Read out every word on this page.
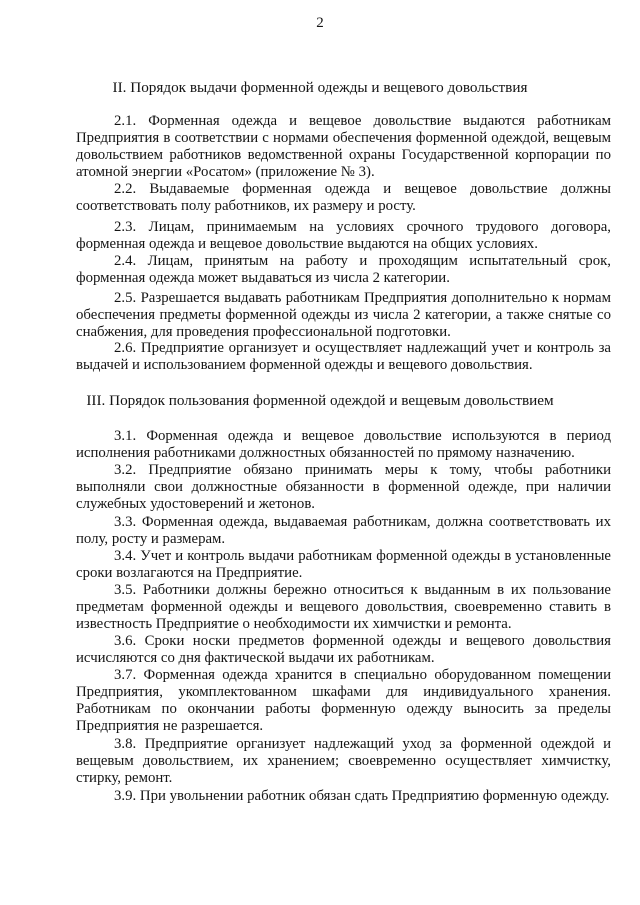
2
II. Порядок выдачи форменной одежды и вещевого довольствия
2.1. Форменная одежда и вещевое довольствие выдаются работникам Предприятия в соответствии с нормами обеспечения форменной одеждой, вещевым довольствием работников ведомственной охраны Государственной корпорации по атомной энергии «Росатом» (приложение № 3).
2.2. Выдаваемые форменная одежда и вещевое довольствие должны соответствовать полу работников, их размеру и росту.
2.3. Лицам, принимаемым на условиях срочного трудового договора, форменная одежда и вещевое довольствие выдаются на общих условиях.
2.4. Лицам, принятым на работу и проходящим испытательный срок, форменная одежда может выдаваться из числа 2 категории.
2.5. Разрешается выдавать работникам Предприятия дополнительно к нормам обеспечения предметы форменной одежды из числа 2 категории, а также снятые со снабжения, для проведения профессиональной подготовки.
2.6. Предприятие организует и осуществляет надлежащий учет и контроль за выдачей и использованием форменной одежды и вещевого довольствия.
III. Порядок пользования форменной одеждой и вещевым довольствием
3.1. Форменная одежда и вещевое довольствие используются в период исполнения работниками должностных обязанностей по прямому назначению.
3.2. Предприятие обязано принимать меры к тому, чтобы работники выполняли свои должностные обязанности в форменной одежде, при наличии служебных удостоверений и жетонов.
3.3. Форменная одежда, выдаваемая работникам, должна соответствовать их полу, росту и размерам.
3.4. Учет и контроль выдачи работникам форменной одежды в установленные сроки возлагаются на Предприятие.
3.5. Работники должны бережно относиться к выданным в их пользование предметам форменной одежды и вещевого довольствия, своевременно ставить в известность Предприятие о необходимости их химчистки и ремонта.
3.6. Сроки носки предметов форменной одежды и вещевого довольствия исчисляются со дня фактической выдачи их работникам.
3.7. Форменная одежда хранится в специально оборудованном помещении Предприятия, укомплектованном шкафами для индивидуального хранения. Работникам по окончании работы форменную одежду выносить за пределы Предприятия не разрешается.
3.8. Предприятие организует надлежащий уход за форменной одеждой и вещевым довольствием, их хранением; своевременно осуществляет химчистку, стирку, ремонт.
3.9. При увольнении работник обязан сдать Предприятию форменную одежду.
